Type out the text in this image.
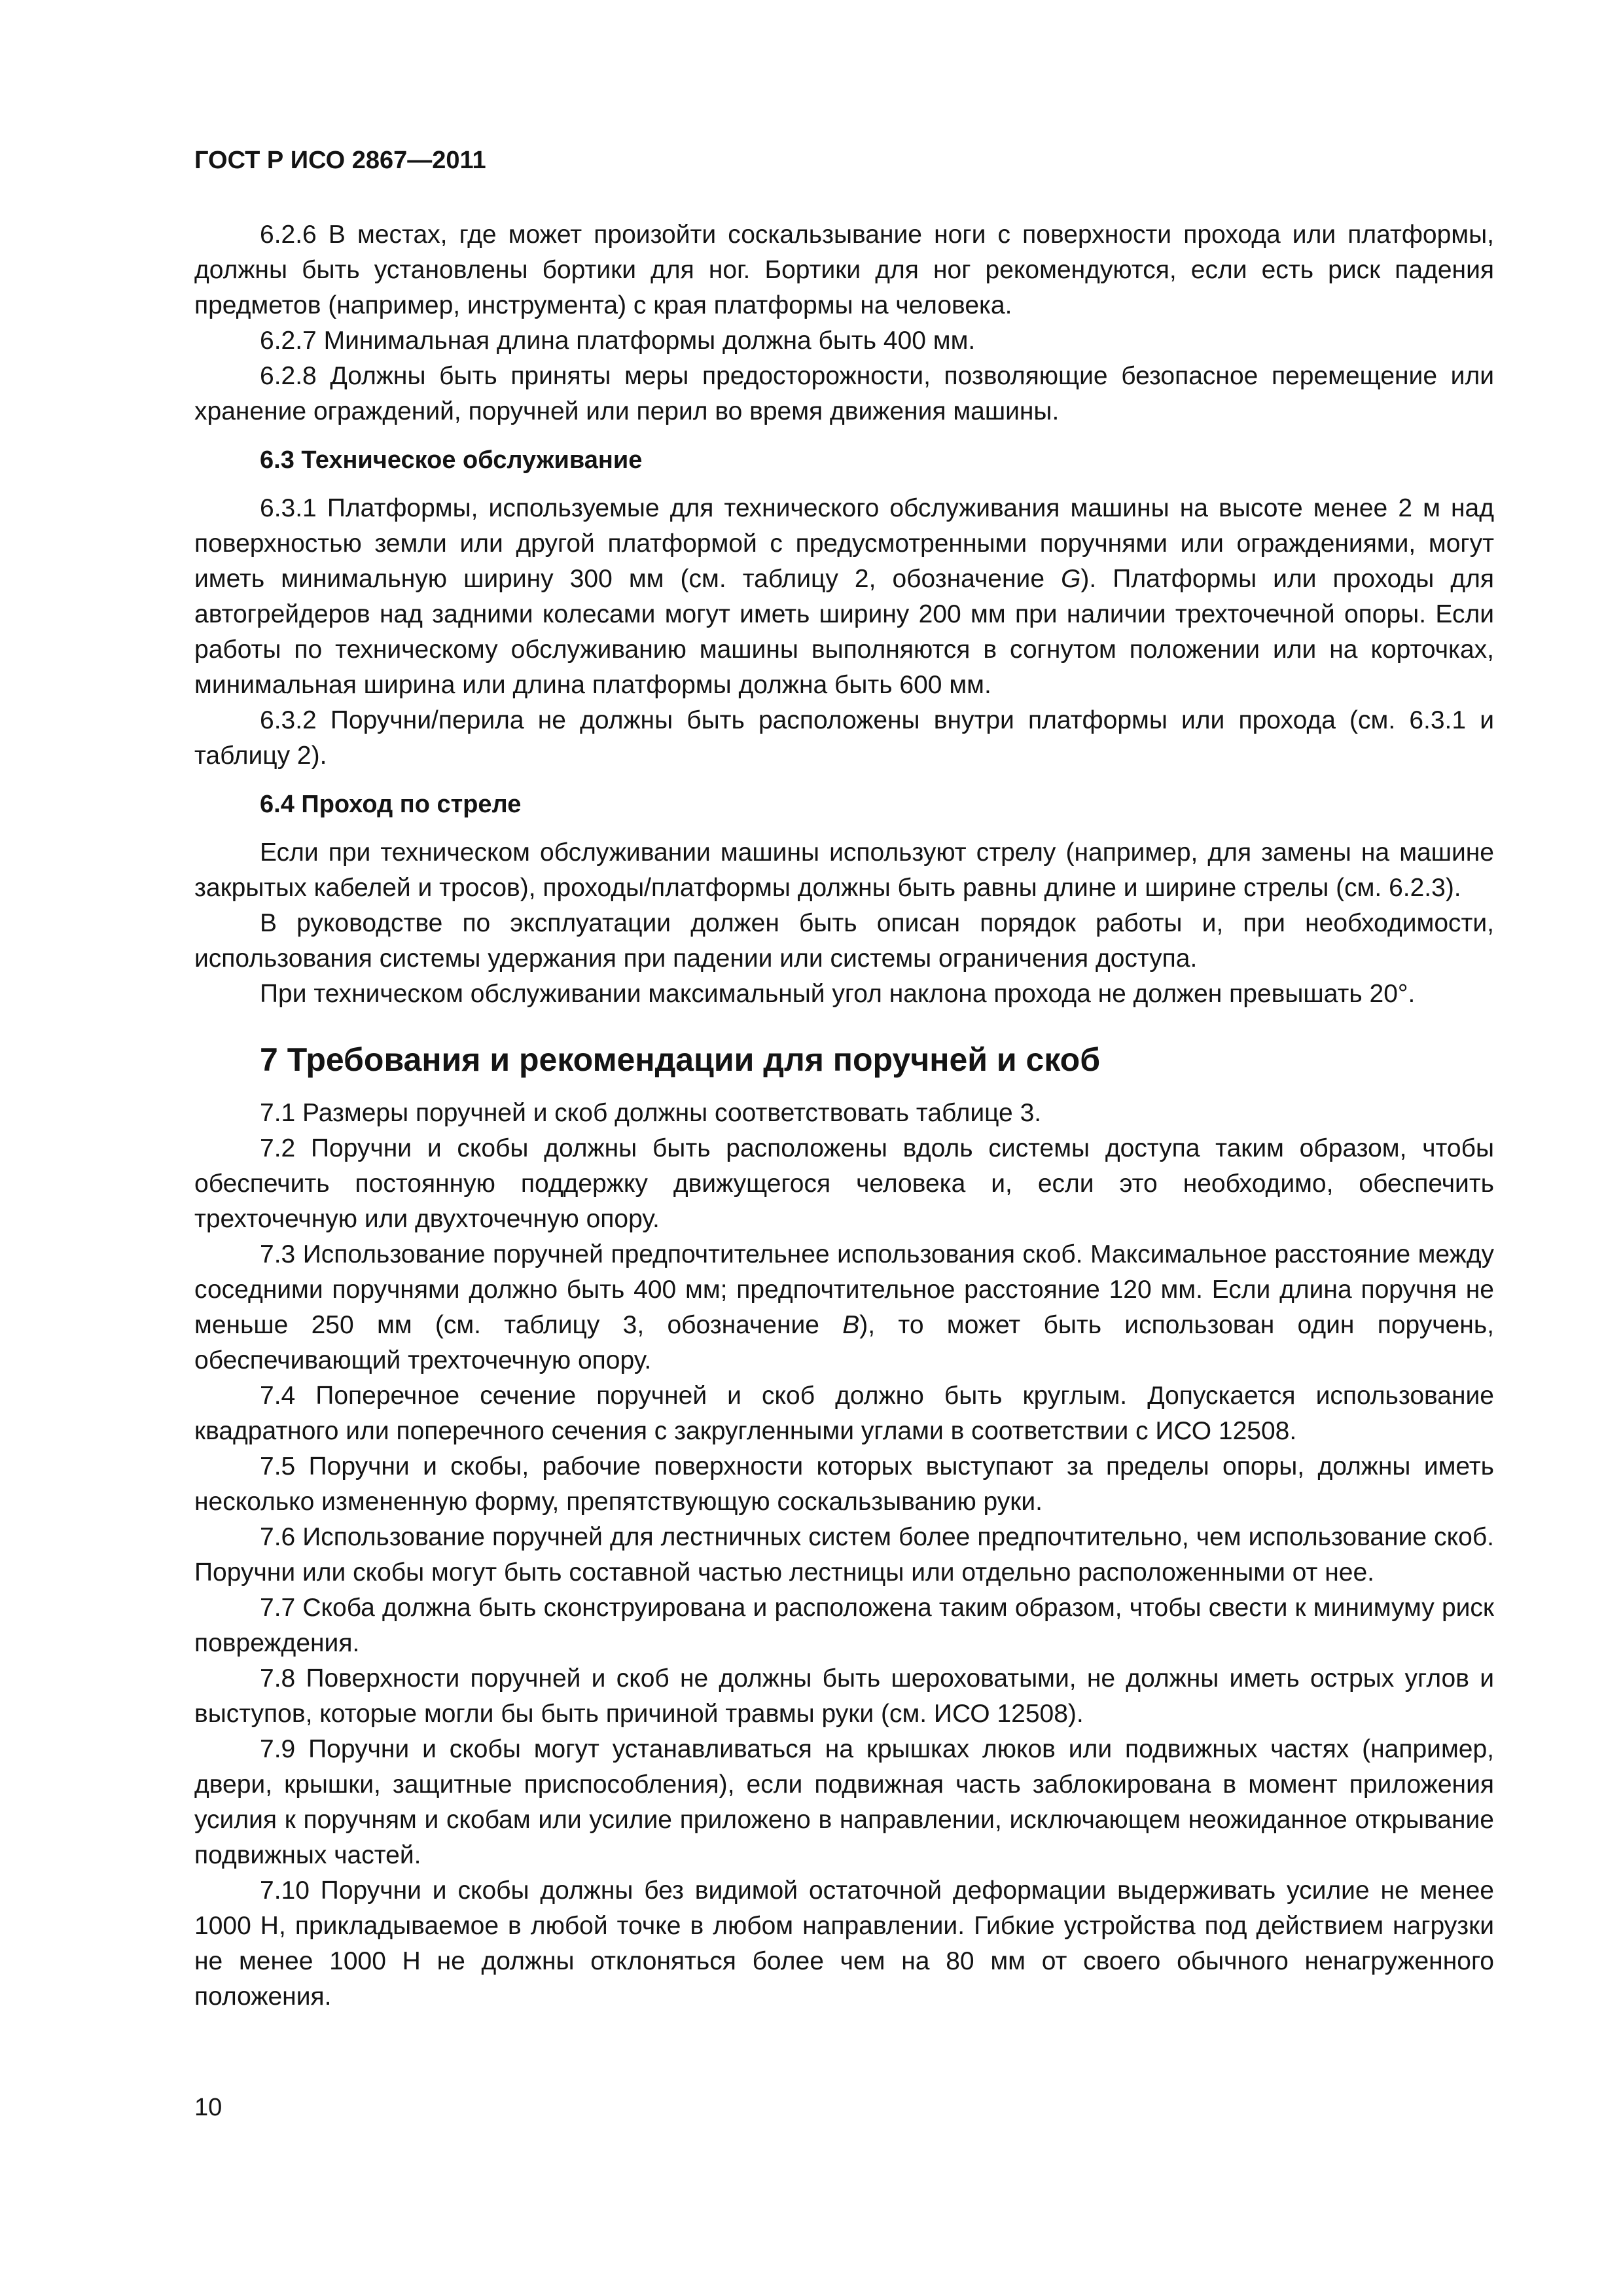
ГОСТ Р ИСО 2867—2011

6.2.6 В местах, где может произойти соскальзывание ноги с поверхности прохода или платформы, должны быть установлены бортики для ног. Бортики для ног рекомендуются, если есть риск падения предметов (например, инструмента) с края платформы на человека.

6.2.7 Минимальная длина платформы должна быть 400 мм.

6.2.8 Должны быть приняты меры предосторожности, позволяющие безопасное перемещение или хранение ограждений, поручней или перил во время движения машины.

6.3 Техническое обслуживание

6.3.1 Платформы, используемые для технического обслуживания машины на высоте менее 2 м над поверхностью земли или другой платформой с предусмотренными поручнями или ограждениями, могут иметь минимальную ширину 300 мм (см. таблицу 2, обозначение G). Платформы или проходы для автогрейдеров над задними колесами могут иметь ширину 200 мм при наличии трехточечной опоры. Если работы по техническому обслуживанию машины выполняются в согнутом положении или на корточках, минимальная ширина или длина платформы должна быть 600 мм.

6.3.2 Поручни/перила не должны быть расположены внутри платформы или прохода (см. 6.3.1 и таблицу 2).

6.4 Проход по стреле

Если при техническом обслуживании машины используют стрелу (например, для замены на машине закрытых кабелей и тросов), проходы/платформы должны быть равны длине и ширине стрелы (см. 6.2.3).

В руководстве по эксплуатации должен быть описан порядок работы и, при необходимости, использования системы удержания при падении или системы ограничения доступа.

При техническом обслуживании максимальный угол наклона прохода не должен превышать 20°.

7 Требования и рекомендации для поручней и скоб

7.1 Размеры поручней и скоб должны соответствовать таблице 3.

7.2 Поручни и скобы должны быть расположены вдоль системы доступа таким образом, чтобы обеспечить постоянную поддержку движущегося человека и, если это необходимо, обеспечить трехточечную или двухточечную опору.

7.3 Использование поручней предпочтительнее использования скоб. Максимальное расстояние между соседними поручнями должно быть 400 мм; предпочтительное расстояние 120 мм. Если длина поручня не меньше 250 мм (см. таблицу 3, обозначение B), то может быть использован один поручень, обеспечивающий трехточечную опору.

7.4 Поперечное сечение поручней и скоб должно быть круглым. Допускается использование квадратного или поперечного сечения с закругленными углами в соответствии с ИСО 12508.

7.5 Поручни и скобы, рабочие поверхности которых выступают за пределы опоры, должны иметь несколько измененную форму, препятствующую соскальзыванию руки.

7.6 Использование поручней для лестничных систем более предпочтительно, чем использование скоб. Поручни или скобы могут быть составной частью лестницы или отдельно расположенными от нее.

7.7 Скоба должна быть сконструирована и расположена таким образом, чтобы свести к минимуму риск повреждения.

7.8 Поверхности поручней и скоб не должны быть шероховатыми, не должны иметь острых углов и выступов, которые могли бы быть причиной травмы руки (см. ИСО 12508).

7.9 Поручни и скобы могут устанавливаться на крышках люков или подвижных частях (например, двери, крышки, защитные приспособления), если подвижная часть заблокирована в момент приложения усилия к поручням и скобам или усилие приложено в направлении, исключающем неожиданное открывание подвижных частей.

7.10 Поручни и скобы должны без видимой остаточной деформации выдерживать усилие не менее 1000 Н, прикладываемое в любой точке в любом направлении. Гибкие устройства под действием нагрузки не менее 1000 Н не должны отклоняться более чем на 80 мм от своего обычного ненагруженного положения.

10
